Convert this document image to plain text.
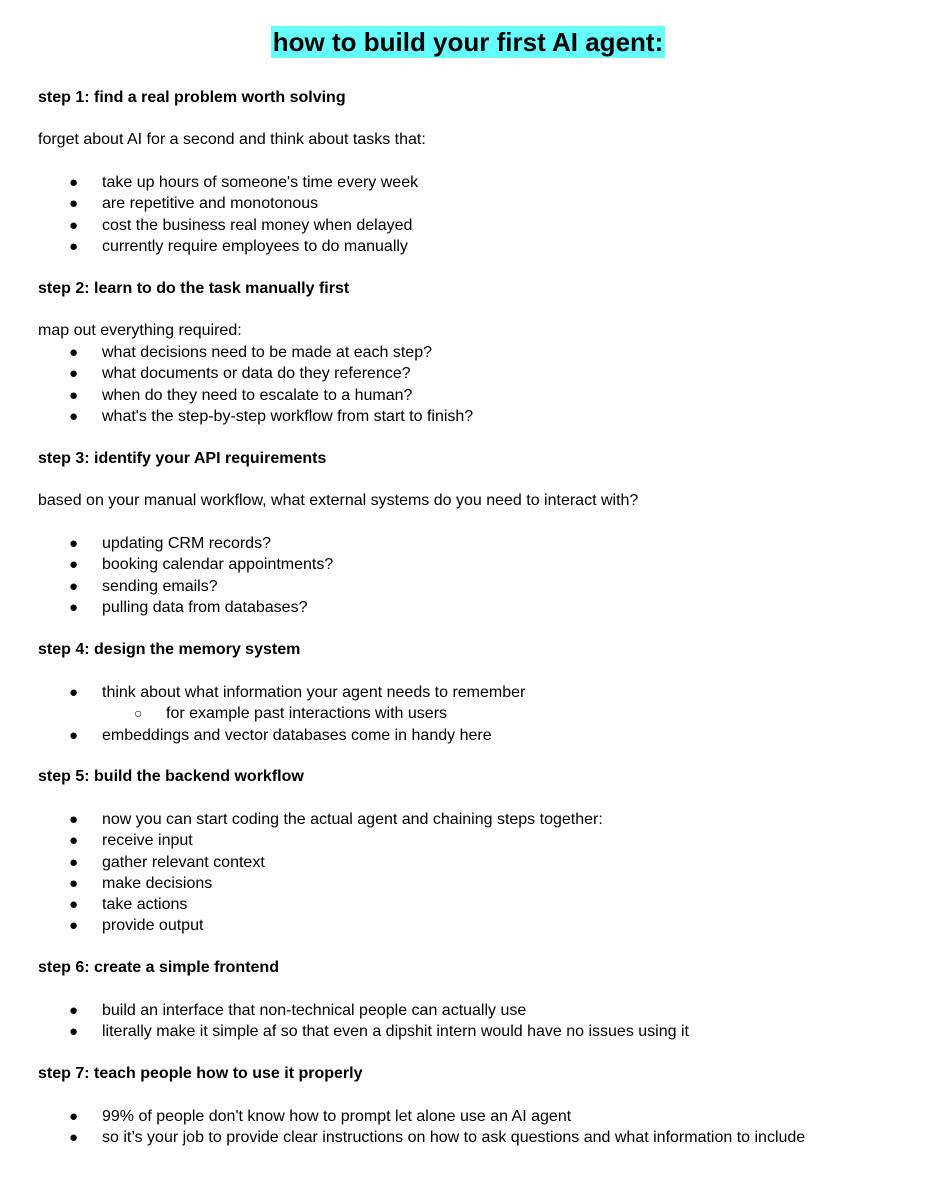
how to build your first AI agent:
step 1: find a real problem worth solving
forget about AI for a second and think about tasks that:
● take up hours of someone's time every week
● are repetitive and monotonous
● cost the business real money when delayed
● currently require employees to do manually
step 2: learn to do the task manually first
map out everything required:
● what decisions need to be made at each step?
● what documents or data do they reference?
● when do they need to escalate to a human?
● what's the step-by-step workflow from start to finish?
step 3: identify your API requirements
based on your manual workflow, what external systems do you need to interact with?
● updating CRM records?
● booking calendar appointments?
● sending emails?
● pulling data from databases?
step 4: design the memory system
● think about what information your agent needs to remember
○ for example past interactions with users
● embeddings and vector databases come in handy here
step 5: build the backend workflow
● now you can start coding the actual agent and chaining steps together:
● receive input
● gather relevant context
● make decisions
● take actions
● provide output
step 6: create a simple frontend
● build an interface that non-technical people can actually use
● literally make it simple af so that even a dipshit intern would have no issues using it
step 7: teach people how to use it properly
● 99% of people don't know how to prompt let alone use an AI agent
● so it’s your job to provide clear instructions on how to ask questions and what information to include
